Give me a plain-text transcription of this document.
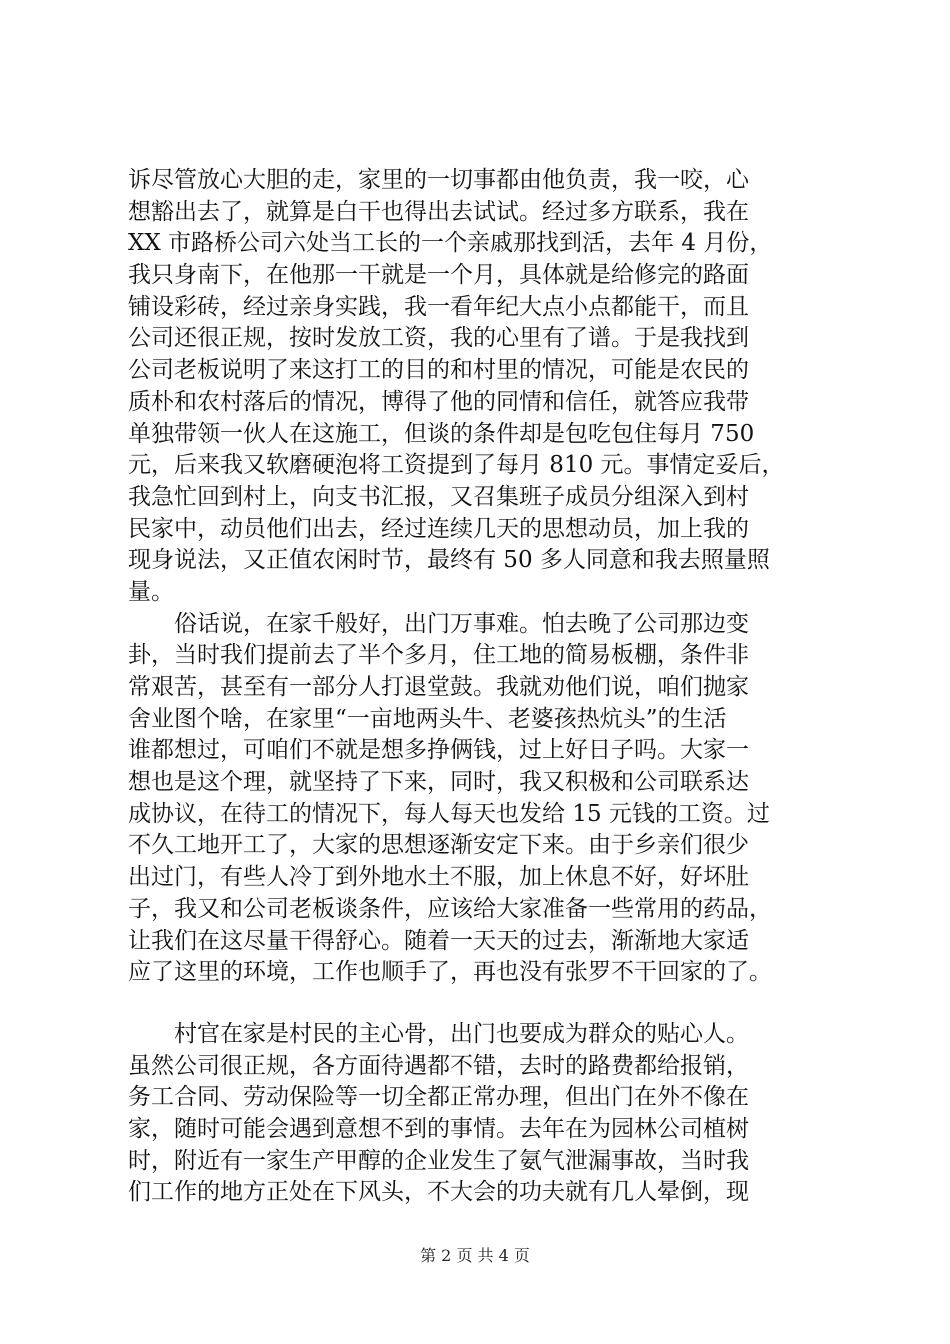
诉尽管放心大胆的走，家里的一切事都由他负责，我一咬，心
想豁出去了，就算是白干也得出去试试。经过多方联系，我在
XX 市路桥公司六处当工长的一个亲戚那找到活，去年 4 月份，
我只身南下，在他那一干就是一个月，具体就是给修完的路面
铺设彩砖，经过亲身实践，我一看年纪大点小点都能干，而且
公司还很正规，按时发放工资，我的心里有了谱。于是我找到
公司老板说明了来这打工的目的和村里的情况，可能是农民的
质朴和农村落后的情况，博得了他的同情和信任，就答应我带
单独带领一伙人在这施工，但谈的条件却是包吃包住每月 750
元，后来我又软磨硬泡将工资提到了每月 810 元。事情定妥后，
我急忙回到村上，向支书汇报，又召集班子成员分组深入到村
民家中，动员他们出去，经过连续几天的思想动员，加上我的
现身说法，又正值农闲时节，最终有 50 多人同意和我去照量照
量。
　　俗话说，在家千般好，出门万事难。怕去晚了公司那边变
卦，当时我们提前去了半个多月，住工地的简易板棚，条件非
常艰苦，甚至有一部分人打退堂鼓。我就劝他们说，咱们抛家
舍业图个啥，在家里“一亩地两头牛、老婆孩热炕头”的生活
谁都想过，可咱们不就是想多挣俩钱，过上好日子吗。大家一
想也是这个理，就坚持了下来，同时，我又积极和公司联系达
成协议，在待工的情况下，每人每天也发给 15 元钱的工资。过
不久工地开工了，大家的思想逐渐安定下来。由于乡亲们很少
出过门，有些人冷丁到外地水土不服，加上休息不好，好坏肚
子，我又和公司老板谈条件，应该给大家准备一些常用的药品，
让我们在这尽量干得舒心。随着一天天的过去，渐渐地大家适
应了这里的环境，工作也顺手了，再也没有张罗不干回家的了。
　　村官在家是村民的主心骨，出门也要成为群众的贴心人。
虽然公司很正规，各方面待遇都不错，去时的路费都给报销，
务工合同、劳动保险等一切全都正常办理，但出门在外不像在
家，随时可能会遇到意想不到的事情。去年在为园林公司植树
时，附近有一家生产甲醇的企业发生了氨气泄漏事故，当时我
们工作的地方正处在下风头，不大会的功夫就有几人晕倒，现
第 2 页 共 4 页
